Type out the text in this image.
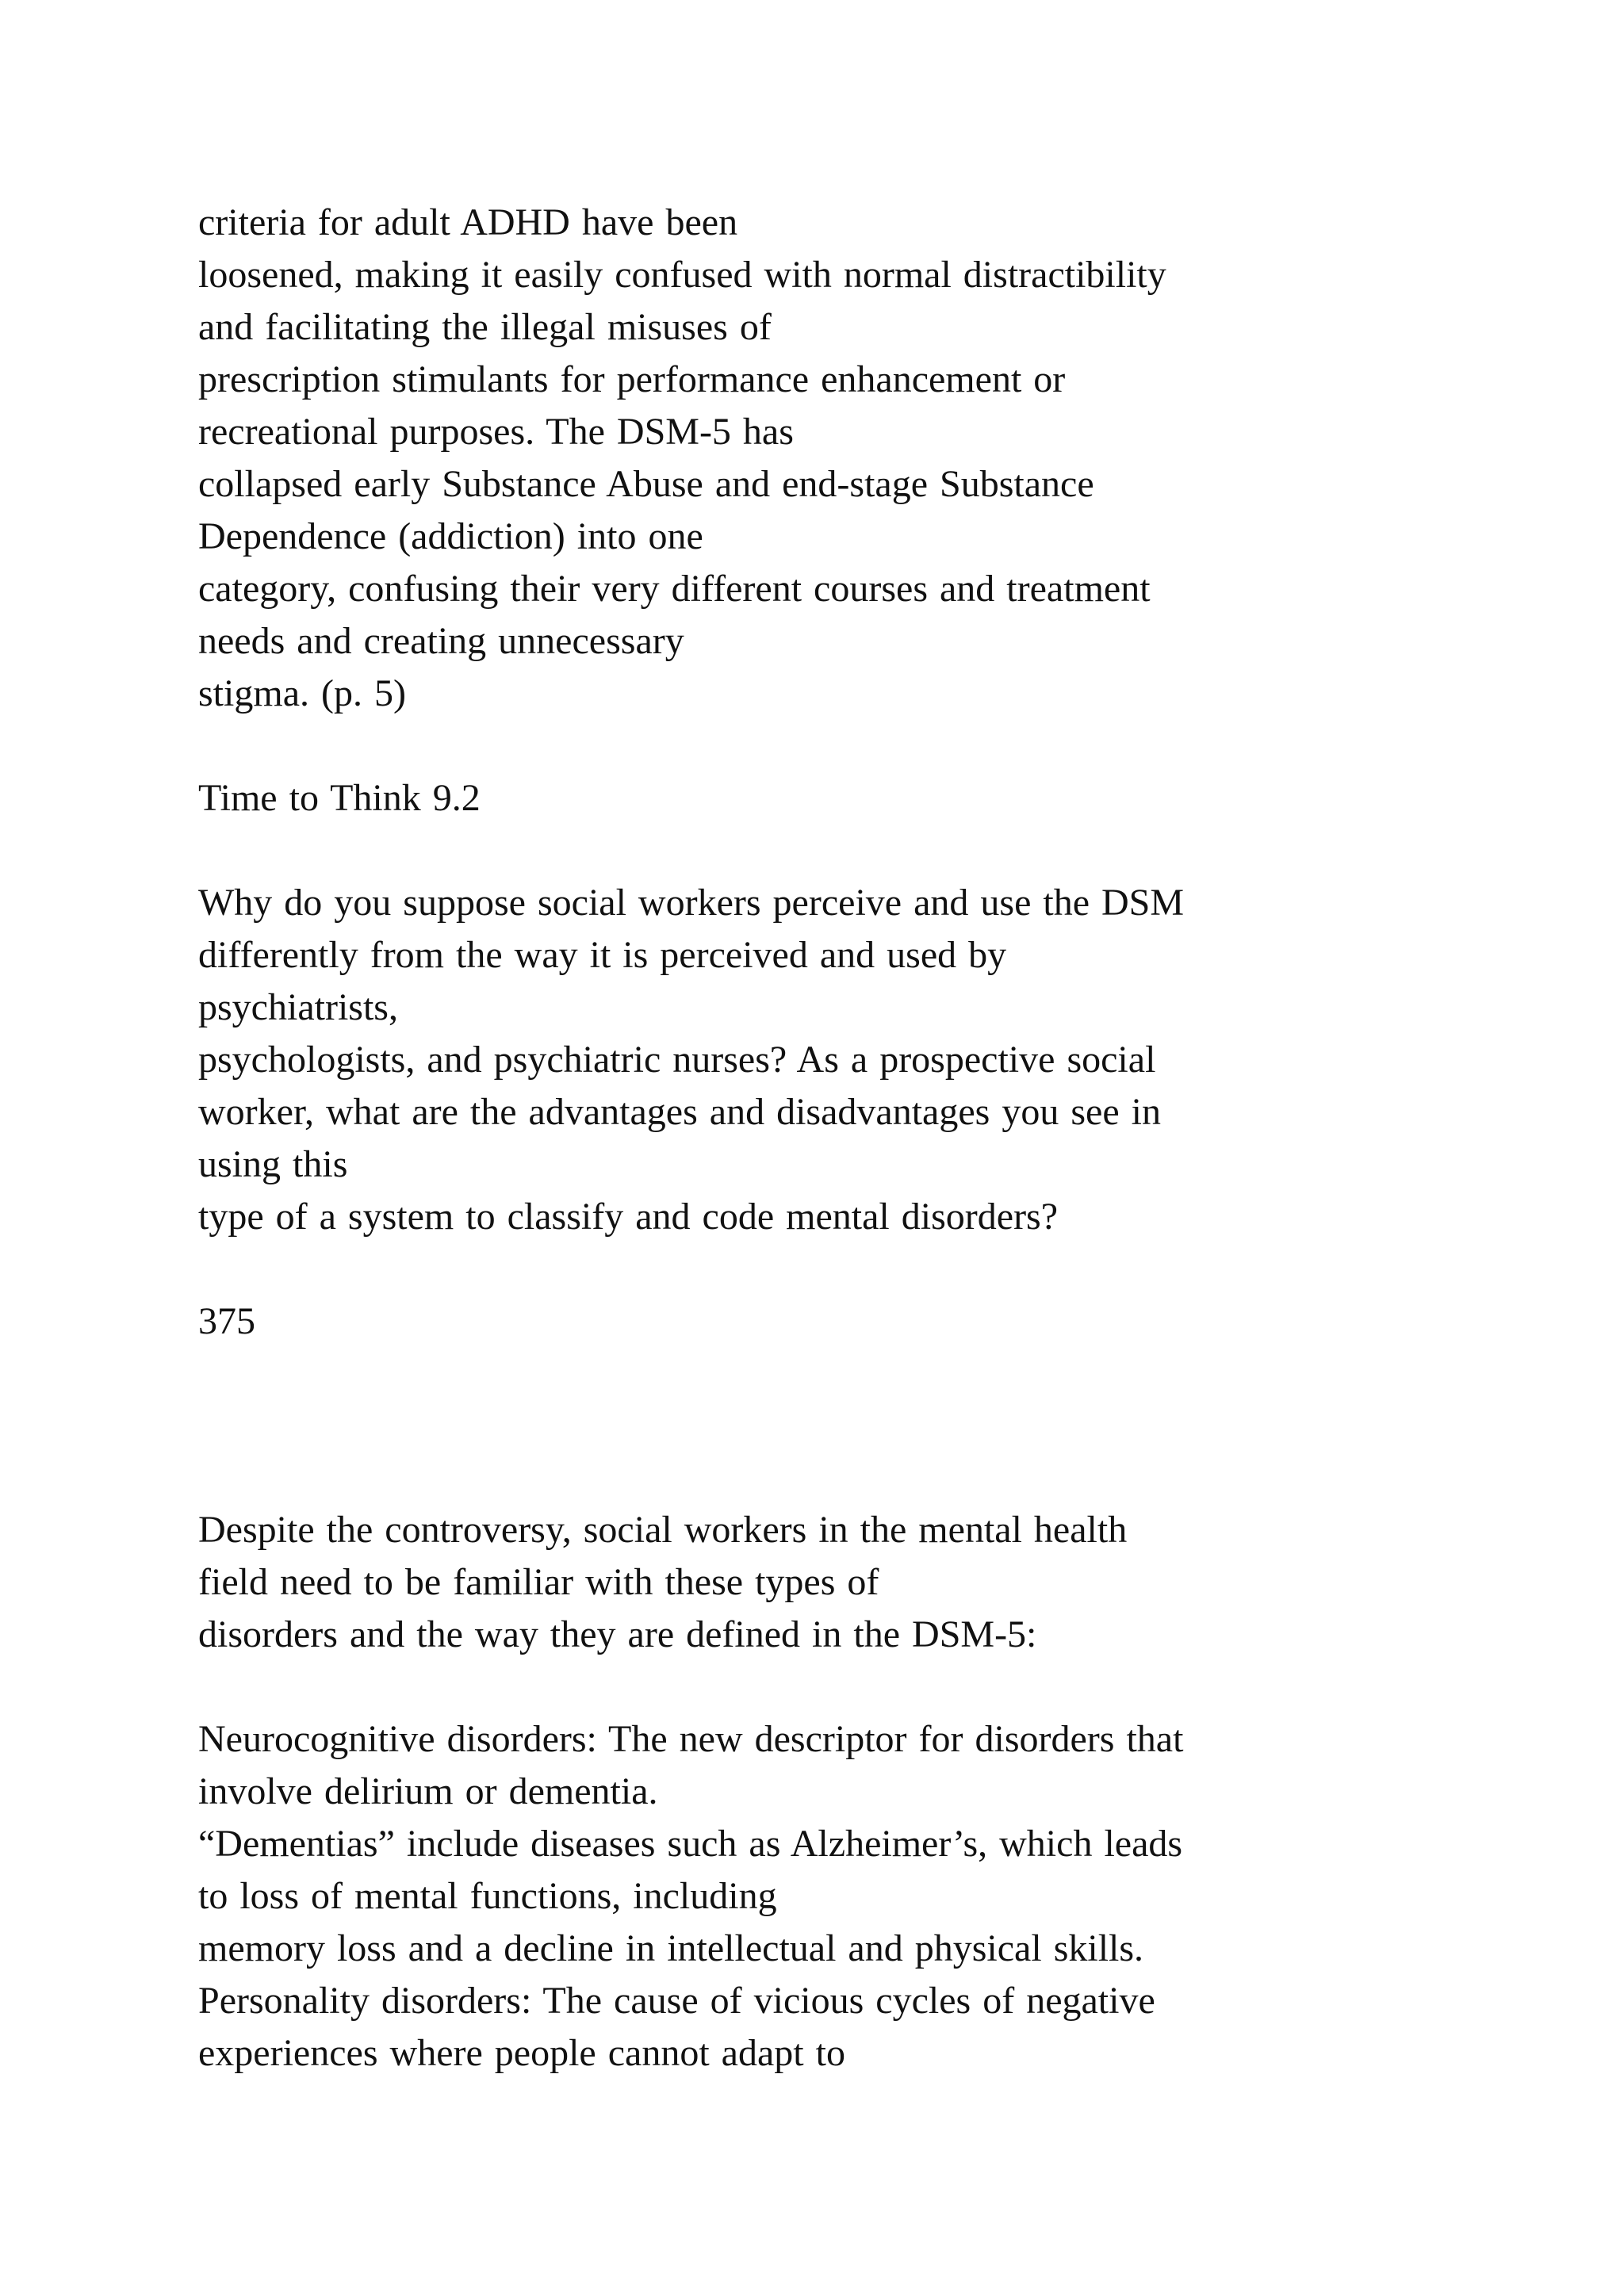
criteria for adult ADHD have been

loosened, making it easily confused with normal distractibility

and facilitating the illegal misuses of

prescription stimulants for performance enhancement or

recreational purposes. The DSM-5 has

collapsed early Substance Abuse and end-stage Substance

Dependence (addiction) into one

category, confusing their very different courses and treatment

needs and creating unnecessary

stigma. (p. 5)

Time to Think 9.2

Why do you suppose social workers perceive and use the DSM

differently from the way it is perceived and used by

psychiatrists,

psychologists, and psychiatric nurses? As a prospective social

worker, what are the advantages and disadvantages you see in

using this

type of a system to classify and code mental disorders?

375

Despite the controversy, social workers in the mental health

field need to be familiar with these types of

disorders and the way they are defined in the DSM-5:

Neurocognitive disorders: The new descriptor for disorders that

involve delirium or dementia.

“Dementias” include diseases such as Alzheimer’s, which leads

to loss of mental functions, including

memory loss and a decline in intellectual and physical skills.

Personality disorders: The cause of vicious cycles of negative

experiences where people cannot adapt to
